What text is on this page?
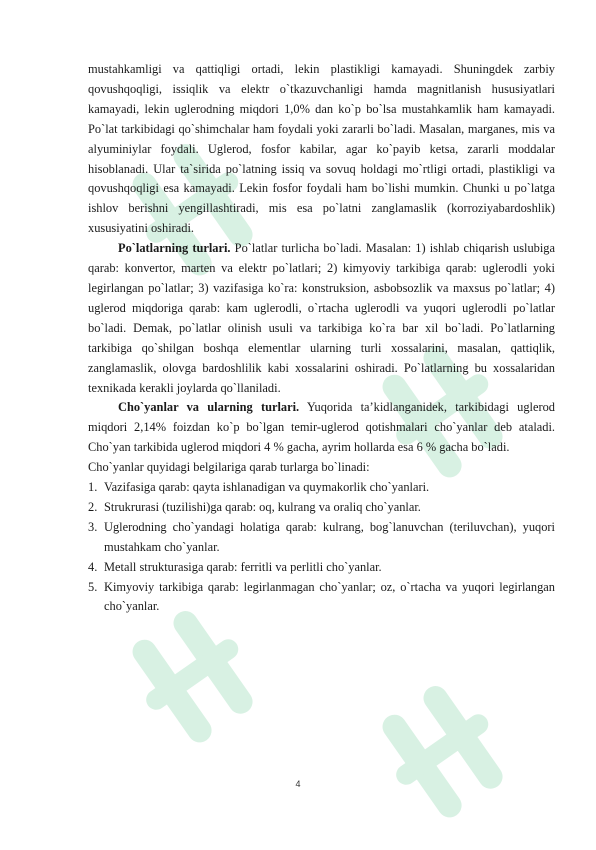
mustahkamligi va qattiqligi ortadi, lekin plastikligi kamayadi. Shuningdek zarbiy qovushqoqligi, issiqlik va elektr o`tkazuvchanligi hamda magnitlanish hususiyatlari kamayadi, lekin uglerodning miqdori 1,0% dan ko`p bo`lsa mustahkamlik ham kamayadi. Po`lat tarkibidagi qo`shimchalar ham foydali yoki zararli bo`ladi. Masalan, marganes, mis va alyuminiylar foydali. Uglerod, fosfor kabilar, agar ko`payib ketsa, zararli moddalar hisoblanadi. Ular ta`sirida po`latning issiq va sovuq holdagi mo`rtligi ortadi, plastikligi va qovushqoqligi esa kamayadi. Lekin fosfor foydali ham bo`lishi mumkin. Chunki u po`latga ishlov berishni yengillashtiradi, mis esa po`latni zanglamaslik (korroziyabardoshlik) xususiyatini oshiradi.

Po`latlarning turlari. Po`latlar turlicha bo`ladi. Masalan: 1) ishlab chiqarish uslubiga qarab: konvertor, marten va elektr po`latlari; 2) kimyoviy tarkibiga qarab: uglerodli yoki legirlangan po`latlar; 3) vazifasiga ko`ra: konstruksion, asbobsozlik va maxsus po`latlar; 4) uglerod miqdoriga qarab: kam uglerodli, o`rtacha uglerodli va yuqori uglerodli po`latlar bo`ladi. Demak, po`latlar olinish usuli va tarkibiga ko`ra bar xil bo`ladi. Po`latlarning tarkibiga qo`shilgan boshqa elementlar ularning turli xossalarini, masalan, qattiqlik, zanglamaslik, olovga bardoshlilik kabi xossalarini oshiradi. Po`latlarning bu xossalaridan texnikada kerakli joylarda qo`llaniladi.

Cho`yanlar va ularning turlari. Yuqorida ta’kidlanganidek, tarkibidagi uglerod miqdori 2,14% foizdan ko`p bo`lgan temir-uglerod qotishmalari cho`yanlar deb ataladi. Cho`yan tarkibida uglerod miqdori 4 % gacha, ayrim hollarda esa 6 % gacha bo`ladi.

Cho`yanlar quyidagi belgilariga qarab turlarga bo`linadi:

1. Vazifasiga qarab: qayta ishlanadigan va quymakorlik cho`yanlari.
2. Strukrurasi (tuzilishi)ga qarab: oq, kulrang va oraliq cho`yanlar.
3. Uglerodning cho`yandagi holatiga qarab: kulrang, bog`lanuvchan (teriluvchan), yuqori mustahkam cho`yanlar.
4. Metall strukturasiga qarab: ferritli va perlitli cho`yanlar.
5. Kimyoviy tarkibiga qarab: legirlanmagan cho`yanlar; oz, o`rtacha va yuqori legirlangan cho`yanlar.
4
